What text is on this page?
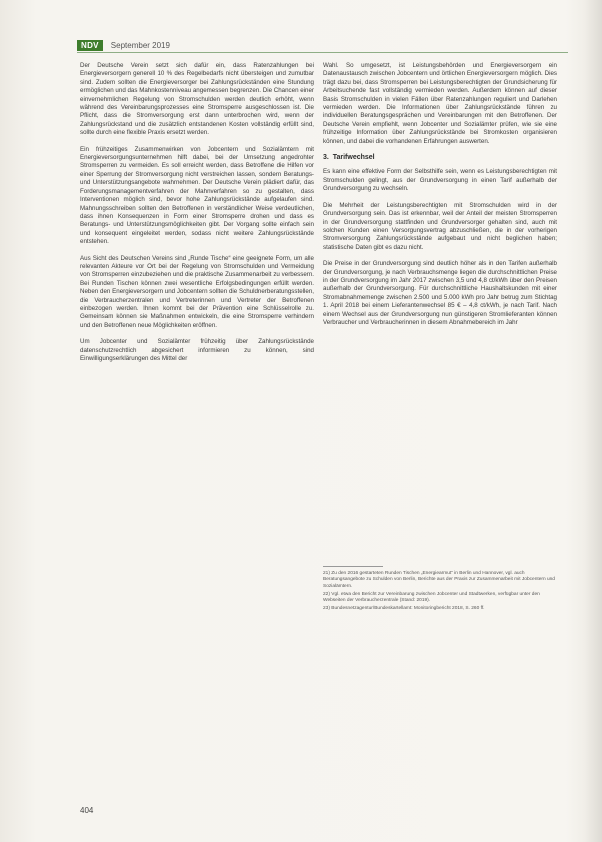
NDV	September 2019

Der Deutsche Verein setzt sich dafür ein, dass Ratenzahlungen bei Energieversorgern generell 10 % des Regelbedarfs nicht übersteigen und zumutbar sind. Zudem sollten die Energieversorger bei Zahlungsrückständen eine Stundung ermöglichen und das Mahnkostenniveau angemessen begrenzen. Die Chancen einer einvernehmlichen Regelung von Stromschulden werden deutlich erhöht, wenn während des Vereinbarungsprozesses eine Stromsperre ausgeschlossen ist. Die Pflicht, dass die Stromversorgung erst dann unterbrochen wird, wenn der Zahlungsrückstand und die zusätzlich entstandenen Kosten vollständig erfüllt sind, sollte durch eine flexible Praxis ersetzt werden.

Ein frühzeitiges Zusammenwirken von Jobcentern und Sozialämtern mit Energieversorgungsunternehmen hilft dabei, bei der Umsetzung angedrohter Stromsperren zu vermeiden. Es soll erreicht werden, dass Betroffene die Hilfen vor einer Sperrung der Stromversorgung nicht verstreichen lassen, sondern Beratungs- und Unterstützungsangebote wahrnehmen. Der Deutsche Verein plädiert dafür, das Forderungsmanagementverfahren der Mahnverfahren so zu gestalten, dass Interventionen möglich sind, bevor hohe Zahlungsrückstände aufgelaufen sind. Mahnungsschreiben sollten den Betroffenen in verständlicher Weise verdeutlichen, dass ihnen Konsequenzen in Form einer Stromsperre drohen und dass es Beratungs- und Unterstützungsmöglichkeiten gibt. Der Vorgang sollte einfach sein und konsequent eingeleitet werden, sodass nicht weitere Zahlungsrückstände entstehen.

Aus Sicht des Deutschen Vereins sind „Runde Tische“ eine geeignete Form, um alle relevanten Akteure vor Ort bei der Regelung von Stromschulden und Vermeidung von Stromsperren einzubeziehen und die praktische Zusammenarbeit zu verbessern. Bei Runden Tischen können zwei wesentliche Erfolgsbedingungen erfüllt werden. Neben den Energieversorgern und Jobcentern sollten die Schuldnerberatungsstellen, die Verbraucherzentralen und Vertreterinnen und Vertreter der Betroffenen einbezogen werden. Ihnen kommt bei der Prävention eine Schlüsselrolle zu. Gemeinsam können sie Maßnahmen entwickeln, die eine Stromsperre verhindern und den Betroffenen neue Möglichkeiten eröffnen.

Um Jobcenter und Sozialämter frühzeitig über Zahlungsrückstände datenschutzrechtlich abgesichert informieren zu können, sind Einwilligungserklärungen des Mittel der

Wahl. So umgesetzt, ist Leistungsbehörden und Energieversorgern ein Datenaustausch zwischen Jobcentern und örtlichen Energieversorgern möglich. Dies trägt dazu bei, dass Stromsperren bei Leistungsberechtigten der Grundsicherung für Arbeitsuchende fast vollständig vermieden werden. Außerdem können auf dieser Basis Stromschulden in vielen Fällen über Ratenzahlungen reguliert und Darlehen vermieden werden. Die Informationen über Zahlungsrückstände führen zu individuellen Beratungsgesprächen und Vereinbarungen mit den Betroffenen. Der Deutsche Verein empfiehlt, wenn Jobcenter und Sozialämter prüfen, wie sie eine frühzeitige Information über Zahlungsrückstände bei Stromkosten organisieren können, und dabei die vorhandenen Erfahrungen auswerten.

3.  Tarifwechsel

Es kann eine effektive Form der Selbsthilfe sein, wenn es Leistungsberechtigten mit Stromschulden gelingt, aus der Grundversorgung in einen Tarif außerhalb der Grundversorgung zu wechseln.

Die Mehrheit der Leistungsberechtigten mit Stromschulden wird in der Grundversorgung sein. Das ist erkennbar, weil der Anteil der meisten Stromsperren in der Grundversorgung stattfinden und Grundversorger gehalten sind, auch mit solchen Kunden einen Versorgungsvertrag abzuschließen, die in der vorherigen Stromversorgung Zahlungsrückstände aufgebaut und nicht beglichen haben; statistische Daten gibt es dazu nicht.

Die Preise in der Grundversorgung sind deutlich höher als in den Tarifen außerhalb der Grundversorgung, je nach Verbrauchsmenge liegen die durchschnittlichen Preise in der Grundversorgung im Jahr 2017 zwischen 3,5 und 4,8 ct/kWh über den Preisen außerhalb der Grundversorgung. Für durchschnittliche Haushaltskunden mit einer Stromabnahmemenge zwischen 2.500 und 5.000 kWh pro Jahr betrug zum Stichtag 1. April 2018 bei einem Lieferantenwechsel 85 € – 4,8 ct/kWh, je nach Tarif. Nach einem Wechsel aus der Grundversorgung nun günstigeren Stromlieferanten können Verbraucher und Verbraucherinnen in diesem Abnahmebereich im Jahr

21) Zu den 2016 gestarteten Runden Tischen „Energiearmut“ in Berlin und Hannover, vgl. auch Beratungsangebote zu Schulden von Berlin, Berichte aus der Praxis zur Zusammenarbeit mit Jobcentern und Sozialämtern.

22) Vgl. etwa den Bericht zur Vereinbarung zwischen Jobcenter und Stadtwerken, verfügbar unter den Webseiten der Verbraucherzentrale (Stand: 2019).

23) Bundesnetzagentur/Bundeskartellamt: Monitoringbericht 2018, S. 260 ff.

404
